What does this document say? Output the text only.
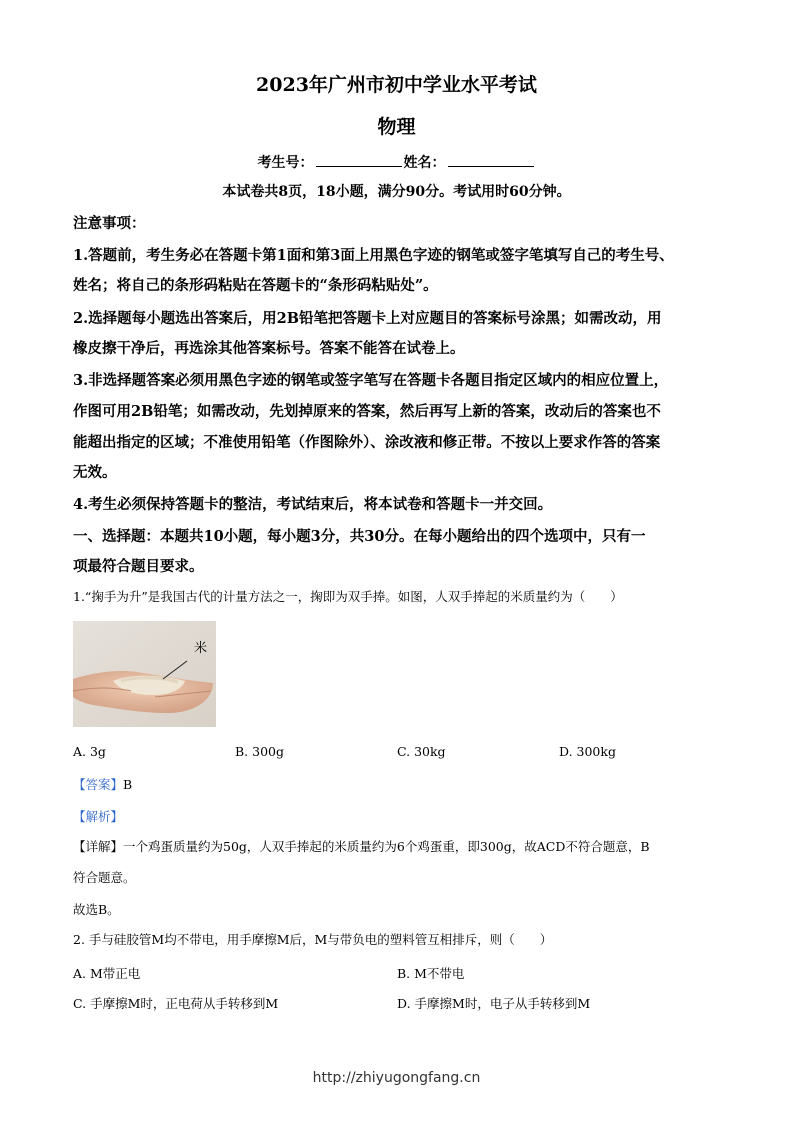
2023年广州市初中学业水平考试
物理
考生号：	姓名：
本试卷共8页，18小题，满分90分。考试用时60分钟。
注意事项：
1.答题前，考生务必在答题卡第1面和第3面上用黑色字迹的钢笔或签字笔填写自己的考生号、
姓名；将自己的条形码粘贴在答题卡的“条形码粘贴处”。
2.选择题每小题选出答案后，用2B铅笔把答题卡上对应题目的答案标号涂黑；如需改动，用
橡皮擦干净后，再选涂其他答案标号。答案不能答在试卷上。
3.非选择题答案必须用黑色字迹的钢笔或签字笔写在答题卡各题目指定区域内的相应位置上，
作图可用2B铅笔；如需改动，先划掉原来的答案，然后再写上新的答案，改动后的答案也不
能超出指定的区域；不准使用铅笔（作图除外）、涂改液和修正带。不按以上要求作答的答案
无效。
4.考生必须保持答题卡的整洁，考试结束后，将本试卷和答题卡一并交回。
一、选择题：本题共10小题，每小题3分，共30分。在每小题给出的四个选项中，只有一
项最符合题目要求。
1.“掬手为升”是我国古代的计量方法之一，掬即为双手捧。如图，人双手捧起的米质量约为（　　）
米
A. 3g	B. 300g	C. 30kg	D. 300kg
【答案】B
【解析】
【详解】一个鸡蛋质量约为50g，人双手捧起的米质量约为6个鸡蛋重，即300g，故ACD不符合题意，B
符合题意。
故选B。
2. 手与硅胶管M均不带电，用手摩擦M后，M与带负电的塑料管互相排斥，则（　　）
A. M带正电	B. M不带电
C. 手摩擦M时，正电荷从手转移到M	D. 手摩擦M时，电子从手转移到M
http://zhiyugongfang.cn
